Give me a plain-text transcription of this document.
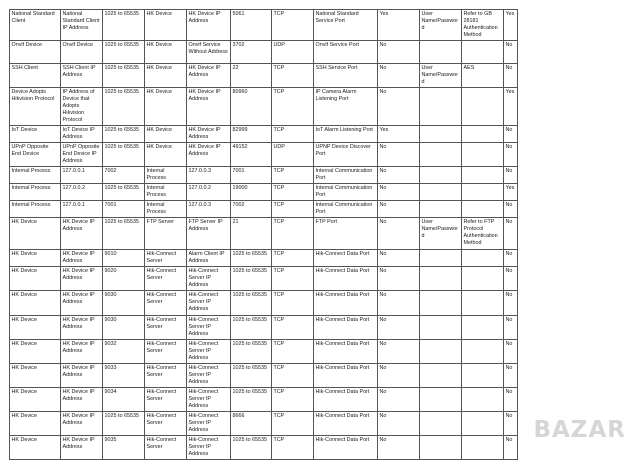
National Standard Client	National Standard Client IP Address	1025 to 65535	HK Device	HK Device IP Address	5061	TCP	National Standard Service Port	Yes	User Name/Password	Refer to GB 28181 Authentication Method	Yes
Onvif Device	Onvif Device	1025 to 65535	HK Device	Onvif Service Without Address	3702	UDP	Onvif Service Port	No			No
SSH Client	SSH Client IP Address	1025 to 65535	HK Device	HK Device IP Address	22	TCP	SSH Service Port	No	User Name/Password	AES	No
Device Adopts Hikvision Protocol	IP Address of Device that Adopts Hikvision Protocol	1025 to 65535	HK Device	HK Device IP Address	80960	TCP	IP Camera Alarm Listening Port	No			Yes
IoT Device	IoT Device IP Address	1025 to 65535	HK Device	HK Device IP Address	82999	TCP	IoT Alarm Listening Port	Yes			No
UPnP Opposite End Device	UPnP Opposite End Device IP Address	1025 to 65535	HK Device	HK Device IP Address	49152	UDP	UPNP Device Discover Port	No			No
Internal Process	127.0.0.1	7002	Internal Process	127.0.0.3	7001	TCP	Internal Communication Port	No			No
Internal Process	127.0.0.2	1025 to 65535	Internal Process	127.0.0.2	19000	TCP	Internal Communication Port	No			Yes
Internal Process	127.0.0.1	7001	Internal Process	127.0.0.3	7002	TCP	Internal Communication Port	No			No
HK Device	HK Device IP Address	1025 to 65535	FTP Server	FTP Server IP Address	21	TCP	FTP Port	No	User Name/Password	Refer to FTP Protocol Authentication Method	No
HK Device	HK Device IP Address	9010	Hik-Connect Server	Alarm Client IP Address	1025 to 65535	TCP	Hik-Connect Data Port	No			No
HK Device	HK Device IP Address	9020	Hik-Connect Server	Hik-Connect Server IP Address	1025 to 65535	TCP	Hik-Connect Data Port	No			No
HK Device	HK Device IP Address	9030	Hik-Connect Server	Hik-Connect Server IP Address	1025 to 65535	TCP	Hik-Connect Data Port	No			No
HK Device	HK Device IP Address	9030	Hik-Connect Server	Hik-Connect Server IP Address	1025 to 65535	TCP	Hik-Connect Data Port	No			No
HK Device	HK Device IP Address	9032	Hik-Connect Server	Hik-Connect Server IP Address	1025 to 65535	TCP	Hik-Connect Data Port	No			No
HK Device	HK Device IP Address	9033	Hik-Connect Server	Hik-Connect Server IP Address	1025 to 65535	TCP	Hik-Connect Data Port	No			No
HK Device	HK Device IP Address	9034	Hik-Connect Server	Hik-Connect Server IP Address	1025 to 65535	TCP	Hik-Connect Data Port	No			No
HK Device	HK Device IP Address	1025 to 65535	Hik-Connect Server	Hik-Connect Server IP Address	8666	TCP	Hik-Connect Data Port	No			No
HK Device	HK Device IP Address	9035	Hik-Connect Server	Hik-Connect Server IP Address	1025 to 65535	TCP	Hik-Connect Data Port	No			No BAZAR
